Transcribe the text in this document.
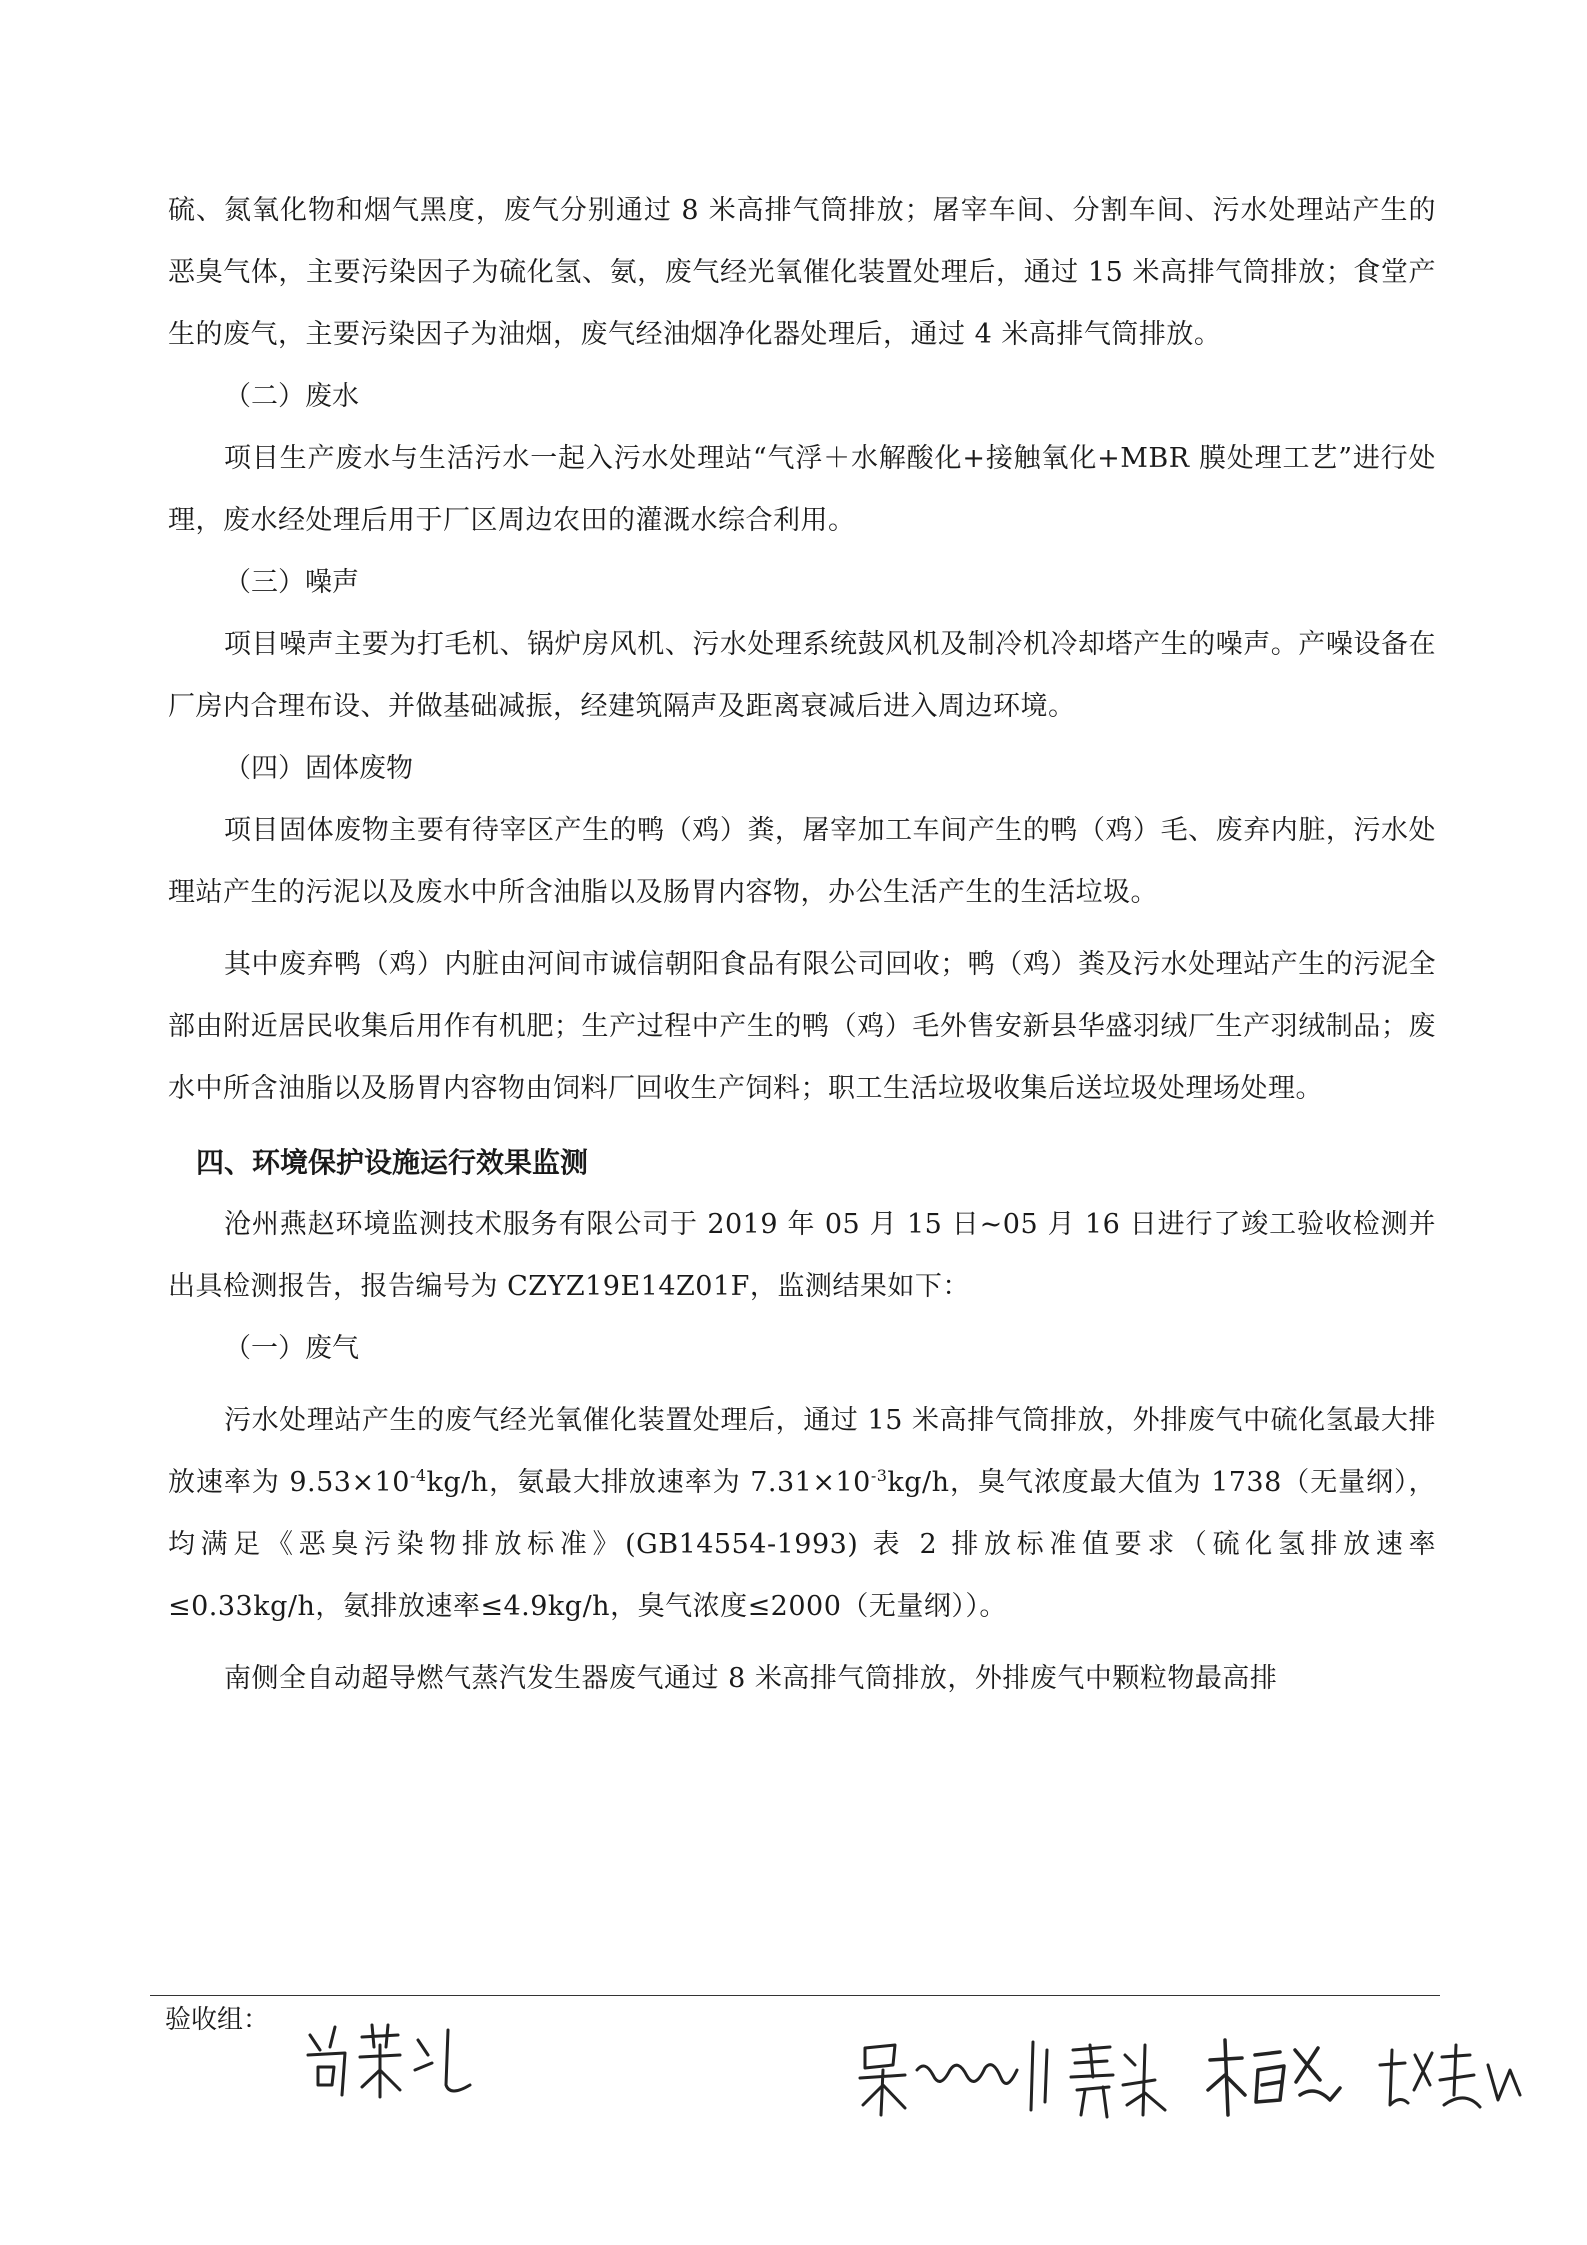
硫、氮氧化物和烟气黑度，废气分别通过 8 米高排气筒排放；屠宰车间、分割车间、污水处理站产生的恶臭气体，主要污染因子为硫化氢、氨，废气经光氧催化装置处理后，通过 15 米高排气筒排放；食堂产生的废气，主要污染因子为油烟，废气经油烟净化器处理后，通过 4 米高排气筒排放。

（二）废水

项目生产废水与生活污水一起入污水处理站“气浮＋水解酸化+接触氧化+MBR 膜处理工艺”进行处理，废水经处理后用于厂区周边农田的灌溉水综合利用。

（三）噪声

项目噪声主要为打毛机、锅炉房风机、污水处理系统鼓风机及制冷机冷却塔产生的噪声。产噪设备在厂房内合理布设、并做基础减振，经建筑隔声及距离衰减后进入周边环境。

（四）固体废物

项目固体废物主要有待宰区产生的鸭（鸡）粪，屠宰加工车间产生的鸭（鸡）毛、废弃内脏，污水处理站产生的污泥以及废水中所含油脂以及肠胃内容物，办公生活产生的生活垃圾。

其中废弃鸭（鸡）内脏由河间市诚信朝阳食品有限公司回收；鸭（鸡）粪及污水处理站产生的污泥全部由附近居民收集后用作有机肥；生产过程中产生的鸭（鸡）毛外售安新县华盛羽绒厂生产羽绒制品；废水中所含油脂以及肠胃内容物由饲料厂回收生产饲料；职工生活垃圾收集后送垃圾处理场处理。

四、环境保护设施运行效果监测

沧州燕赵环境监测技术服务有限公司于 2019 年 05 月 15 日~05 月 16 日进行了竣工验收检测并出具检测报告，报告编号为 CZYZ19E14Z01F，监测结果如下：

（一）废气

污水处理站产生的废气经光氧催化装置处理后，通过 15 米高排气筒排放，外排废气中硫化氢最大排放速率为 $9.53\times 10^{-4}kg/h$，氨最大排放速率为 $7.31\times 10^{-3}kg/h$，臭气浓度最大值为 1738（无量纲），均满足《恶臭污染物排放标准》(GB14554-1993) 表 2 排放标准值要求（硫化氢排放速率≤0.33kg/h，氨排放速率≤4.9kg/h，臭气浓度≤2000（无量纲））。

南侧全自动超导燃气蒸汽发生器废气通过 8 米高排气筒排放，外排废气中颗粒物最高排

验收组：
